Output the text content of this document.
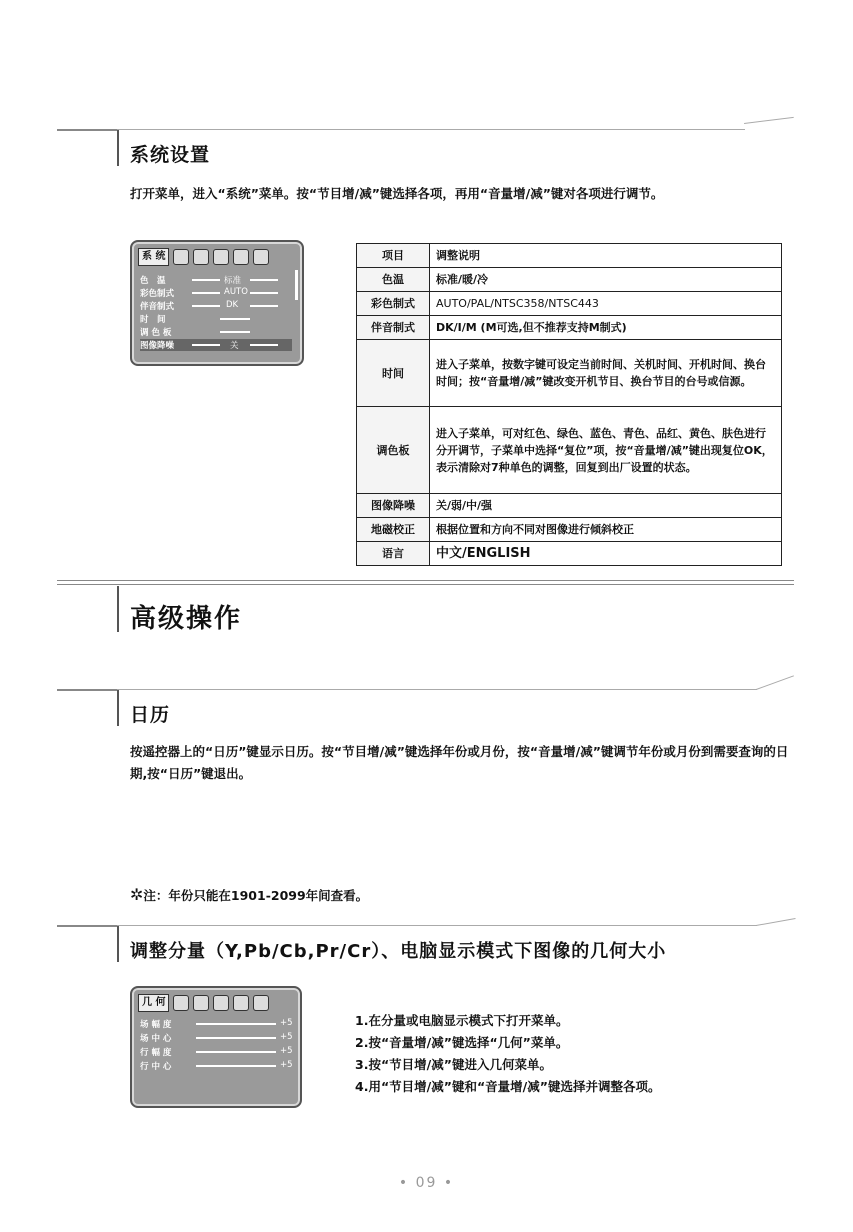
系统设置
打开菜单，进入“系统”菜单。按“节目增/减”键选择各项，再用“音量增/减”键对各项进行调节。
系 统
色　温	标准
彩色制式	AUTO
伴音制式	DK
时　间
调 色 板
图像降噪	关
项目	调整说明
色温	标准/暖/冷
彩色制式	AUTO/PAL/NTSC358/NTSC443
伴音制式	DK/I/M (M可选,但不推荐支持M制式)
时间	进入子菜单，按数字键可设定当前时间、关机时间、开机时间、换台时间；按“音量增/减”键改变开机节目、换台节目的台号或信源。
调色板	进入子菜单，可对红色、绿色、蓝色、青色、品红、黄色、肤色进行分开调节，子菜单中选择“复位”项，按“音量增/减”键出现复位OK，表示清除对7种单色的调整，回复到出厂设置的状态。
图像降噪	关/弱/中/强
地磁校正	根据位置和方向不同对图像进行倾斜校正
语言	中文/ENGLISH
高级操作
日历
按遥控器上的“日历”键显示日历。按“节目增/减”键选择年份或月份，按“音量增/减”键调节年份或月份到需要查询的日期,按“日历”键退出。
✲注：年份只能在1901-2099年间查看。
调整分量（Y,Pb/Cb,Pr/Cr）、电脑显示模式下图像的几何大小
几 何
场 幅 度	+5
场 中 心	+5
行 幅 度	+5
行 中 心	+5
1.在分量或电脑显示模式下打开菜单。
2.按“音量增/减”键选择“几何”菜单。
3.按“节目增/减”键进入几何菜单。
4.用“节目增/减”键和“音量增/减”键选择并调整各项。
• 09 •
